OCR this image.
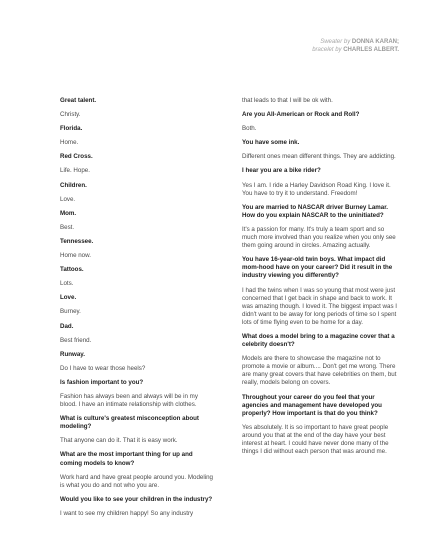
Sweater by DONNA KARAN;
bracelet by CHARLES ALBERT.

Great talent.

Christy.

Florida.

Home.

Red Cross.

Life. Hope.

Children.

Love.

Mom.

Best.

Tennessee.

Home now.

Tattoos.

Lots.

Love.

Burney.

Dad.

Best friend.

Runway.

Do I have to wear those heels?

Is fashion important to you?

Fashion has always been and always will be in my blood. I have an intimate relationship with clothes.

What is culture's greatest misconception about modeling?

That anyone can do it. That it is easy work.

What are the most important thing for up and coming models to know?

Work hard and have great people around you. Modeling is what you do and not who you are.

Would you like to see your children in the industry?

I want to see my children happy! So any industry

that leads to that I will be ok with.

Are you All-American or Rock and Roll?

Both.

You have some ink.

Different ones mean different things. They are addicting.

I hear you are a bike rider?

Yes I am. I ride a Harley Davidson Road King. I love it. You have to try it to understand. Freedom!

You are married to NASCAR driver Burney Lamar. How do you explain NASCAR to the uninitiated?

It's a passion for many. It's truly a team sport and so much more involved than you realize when you only see them going around in circles. Amazing actually.

You have 16-year-old twin boys. What impact did mom-hood have on your career? Did it result in the industry viewing you differently?

I had the twins when I was so young that most were just concerned that I get back in shape and back to work. It was amazing though. I loved it. The biggest impact was I didn't want to be away for long periods of time so I spent lots of time flying even to be home for a day.

What does a model bring to a magazine cover that a celebrity doesn't?

Models are there to showcase the magazine not to promote a movie or album.... Don't get me wrong. There are many great covers that have celebrities on them, but really, models belong on covers.

Throughout your career do you feel that your agencies and management have developed you properly? How important is that do you think?

Yes absolutely. It is so important to have great people around you that at the end of the day have your best interest at heart. I could have never done many of the things I did without each person that was around me.
